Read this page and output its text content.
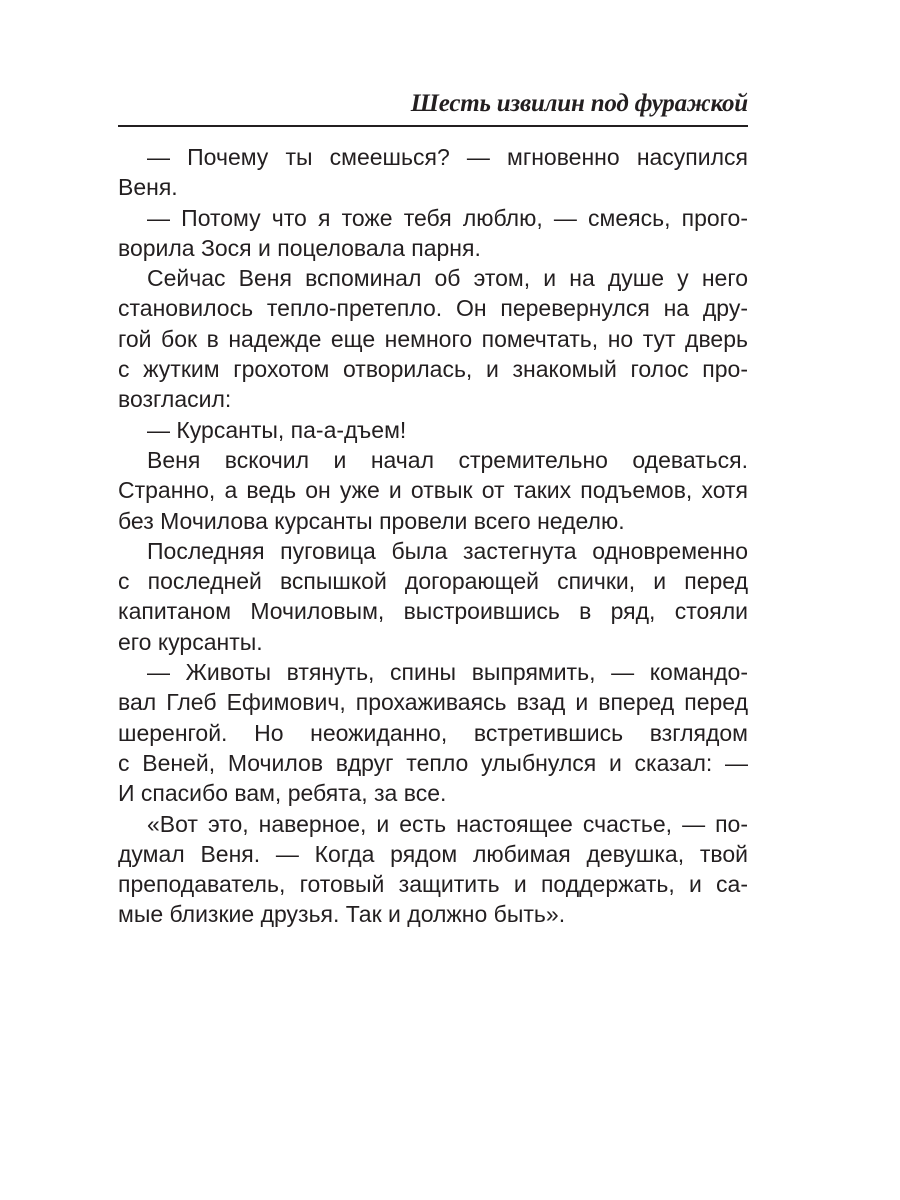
Шесть извилин под фуражкой

— Почему ты смеешься? — мгновенно насупился
Веня.

— Потому что я тоже тебя люблю, — смеясь, прого-
ворила Зося и поцеловала парня.

Сейчас Веня вспоминал об этом, и на душе у него
становилось тепло-претепло. Он перевернулся на дру-
гой бок в надежде еще немного помечтать, но тут дверь
с жутким грохотом отворилась, и знакомый голос про-
возгласил:

— Курсанты, па-а-дъем!

Веня вскочил и начал стремительно одеваться.
Странно, а ведь он уже и отвык от таких подъемов, хотя
без Мочилова курсанты провели всего неделю.

Последняя пуговица была застегнута одновременно
с последней вспышкой догорающей спички, и перед
капитаном Мочиловым, выстроившись в ряд, стояли
его курсанты.

— Животы втянуть, спины выпрямить, — командо-
вал Глеб Ефимович, прохаживаясь взад и вперед перед
шеренгой. Но неожиданно, встретившись взглядом
с Веней, Мочилов вдруг тепло улыбнулся и сказал: —
И спасибо вам, ребята, за все.

«Вот это, наверное, и есть настоящее счастье, — по-
думал Веня. — Когда рядом любимая девушка, твой
преподаватель, готовый защитить и поддержать, и са-
мые близкие друзья. Так и должно быть».
